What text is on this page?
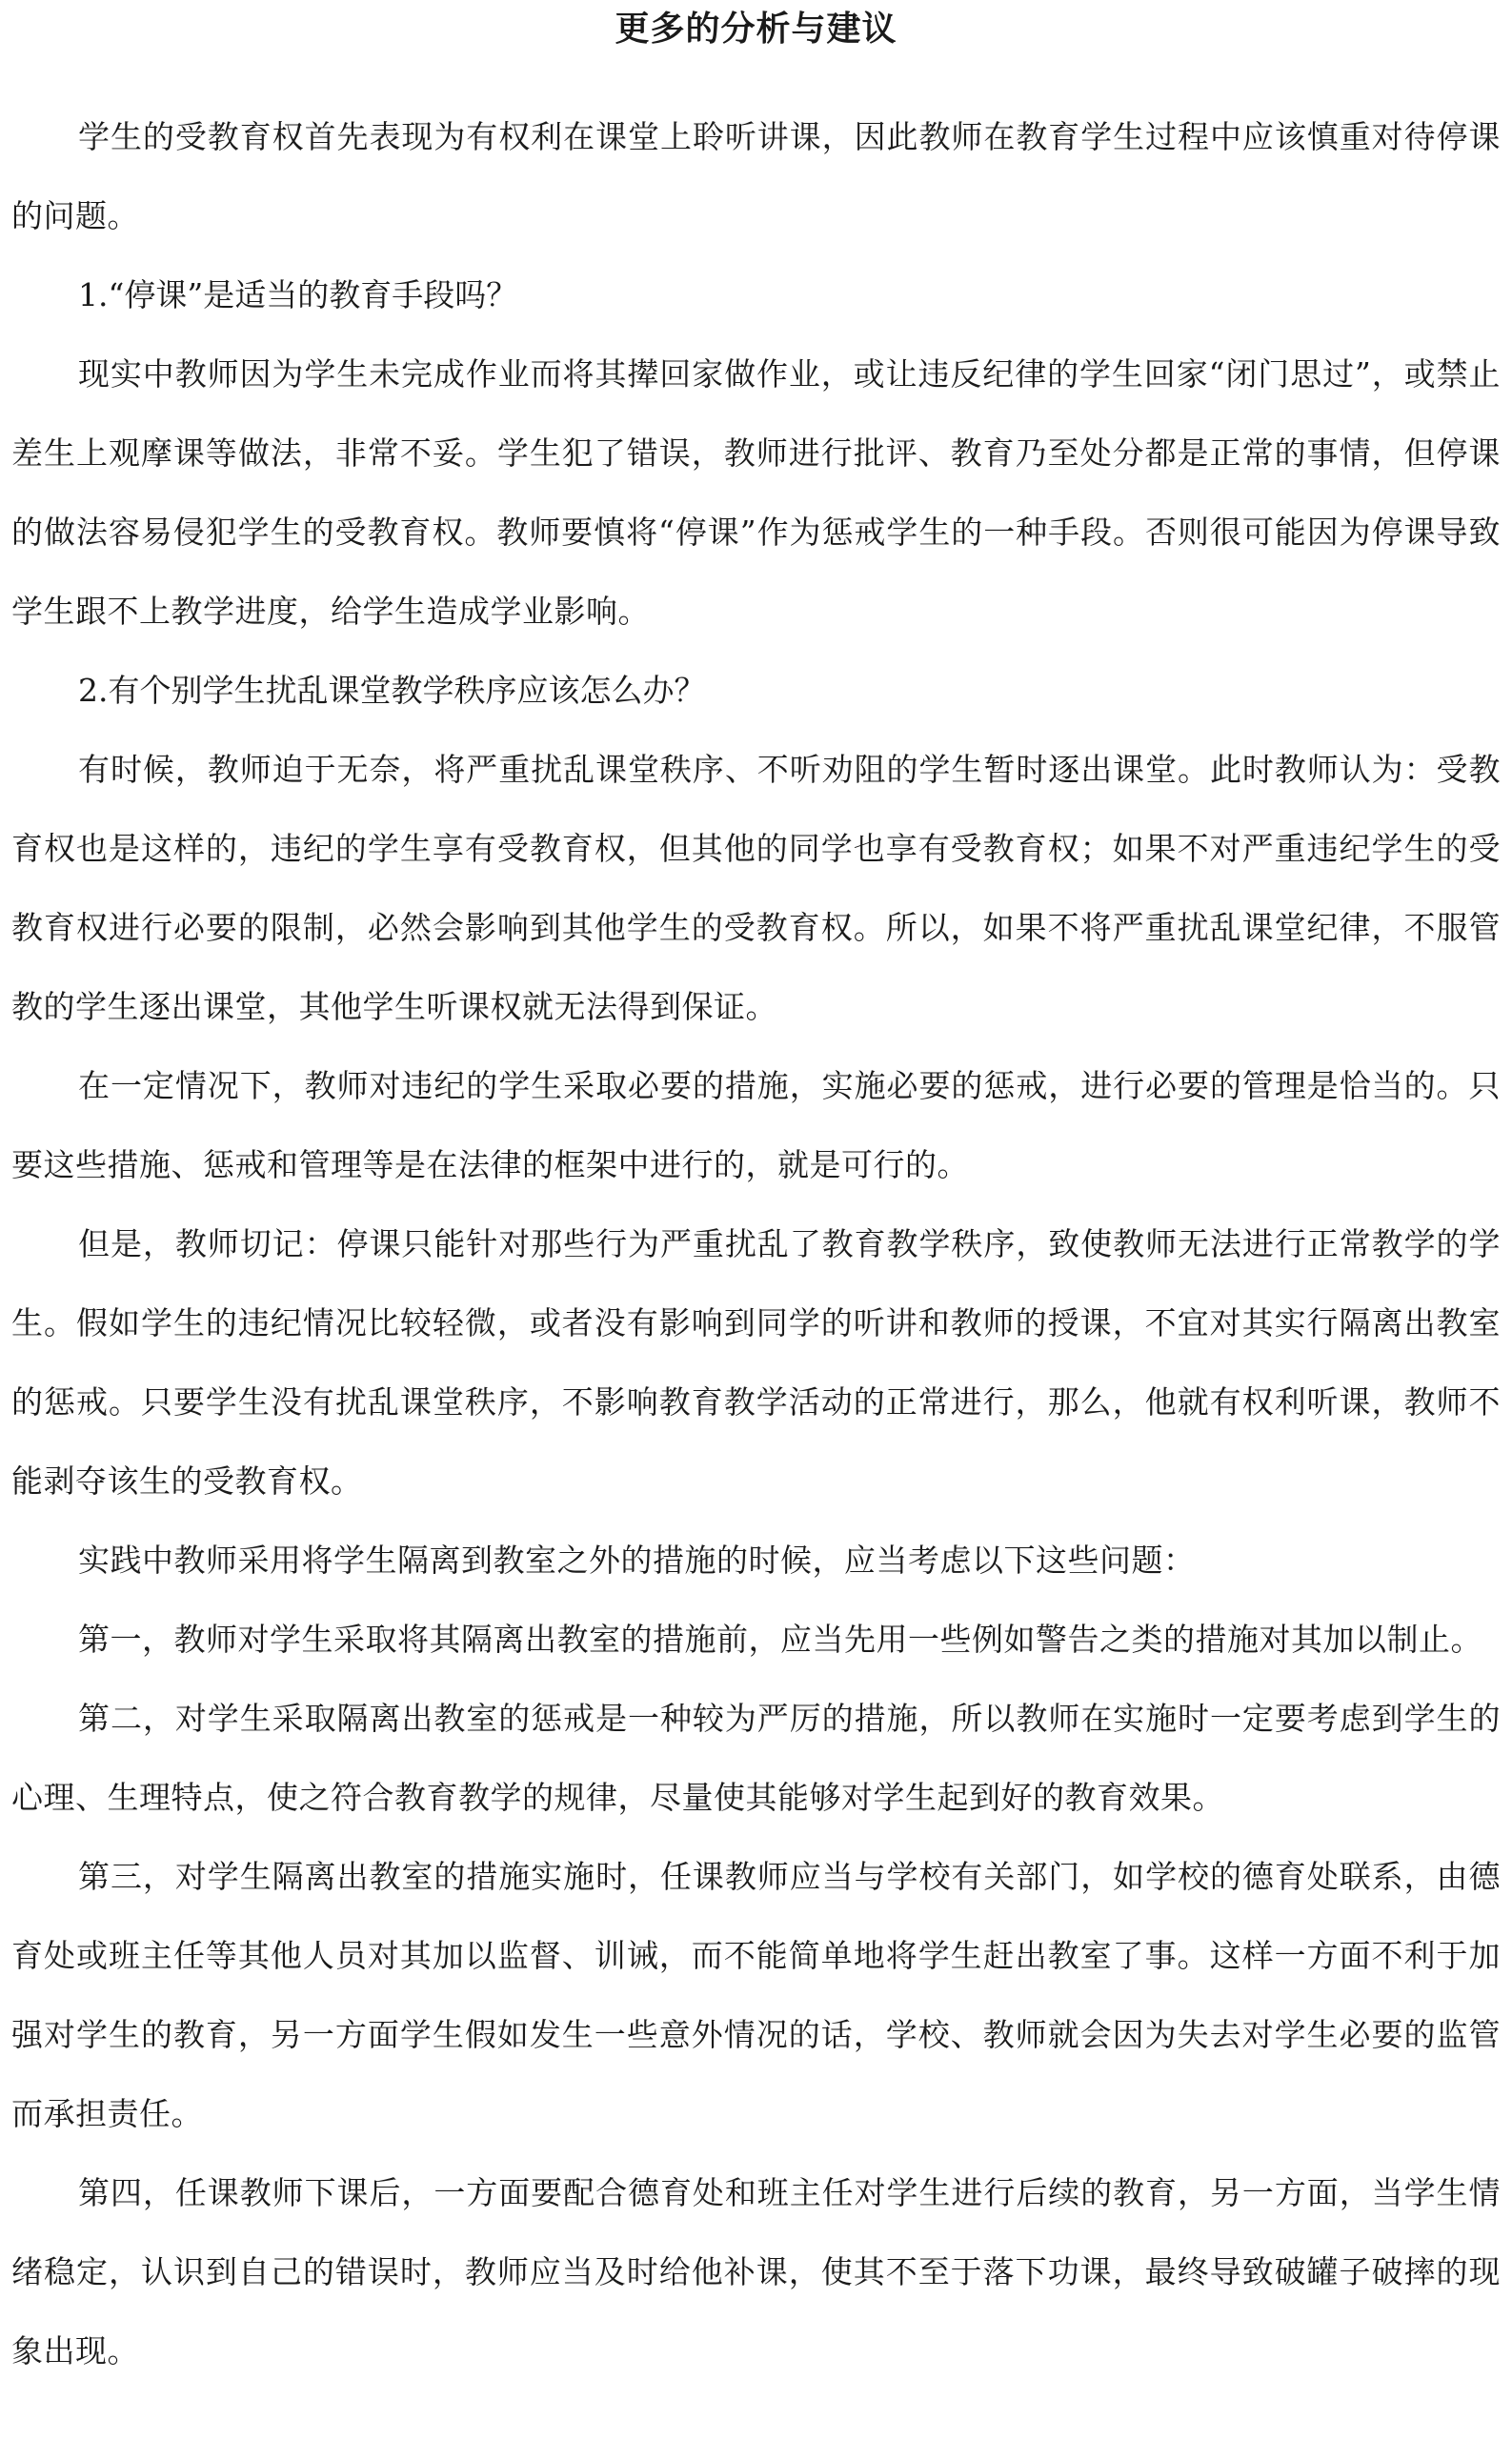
更多的分析与建议

学生的受教育权首先表现为有权利在课堂上聆听讲课，因此教师在教育学生过程中应该慎重对待停课的问题。

1.“停课”是适当的教育手段吗？

现实中教师因为学生未完成作业而将其撵回家做作业，或让违反纪律的学生回家“闭门思过”，或禁止差生上观摩课等做法，非常不妥。学生犯了错误，教师进行批评、教育乃至处分都是正常的事情，但停课的做法容易侵犯学生的受教育权。教师要慎将“停课”作为惩戒学生的一种手段。否则很可能因为停课导致学生跟不上教学进度，给学生造成学业影响。

2.有个别学生扰乱课堂教学秩序应该怎么办？

有时候，教师迫于无奈，将严重扰乱课堂秩序、不听劝阻的学生暂时逐出课堂。此时教师认为：受教育权也是这样的，违纪的学生享有受教育权，但其他的同学也享有受教育权；如果不对严重违纪学生的受教育权进行必要的限制，必然会影响到其他学生的受教育权。所以，如果不将严重扰乱课堂纪律，不服管教的学生逐出课堂，其他学生听课权就无法得到保证。

在一定情况下，教师对违纪的学生采取必要的措施，实施必要的惩戒，进行必要的管理是恰当的。只要这些措施、惩戒和管理等是在法律的框架中进行的，就是可行的。

但是，教师切记：停课只能针对那些行为严重扰乱了教育教学秩序，致使教师无法进行正常教学的学生。假如学生的违纪情况比较轻微，或者没有影响到同学的听讲和教师的授课，不宜对其实行隔离出教室的惩戒。只要学生没有扰乱课堂秩序，不影响教育教学活动的正常进行，那么，他就有权利听课，教师不能剥夺该生的受教育权。

实践中教师采用将学生隔离到教室之外的措施的时候，应当考虑以下这些问题：

第一，教师对学生采取将其隔离出教室的措施前，应当先用一些例如警告之类的措施对其加以制止。

第二，对学生采取隔离出教室的惩戒是一种较为严厉的措施，所以教师在实施时一定要考虑到学生的心理、生理特点，使之符合教育教学的规律，尽量使其能够对学生起到好的教育效果。

第三，对学生隔离出教室的措施实施时，任课教师应当与学校有关部门，如学校的德育处联系，由德育处或班主任等其他人员对其加以监督、训诫，而不能简单地将学生赶出教室了事。这样一方面不利于加强对学生的教育，另一方面学生假如发生一些意外情况的话，学校、教师就会因为失去对学生必要的监管而承担责任。

第四，任课教师下课后，一方面要配合德育处和班主任对学生进行后续的教育，另一方面，当学生情绪稳定，认识到自己的错误时，教师应当及时给他补课，使其不至于落下功课，最终导致破罐子破摔的现象出现。
